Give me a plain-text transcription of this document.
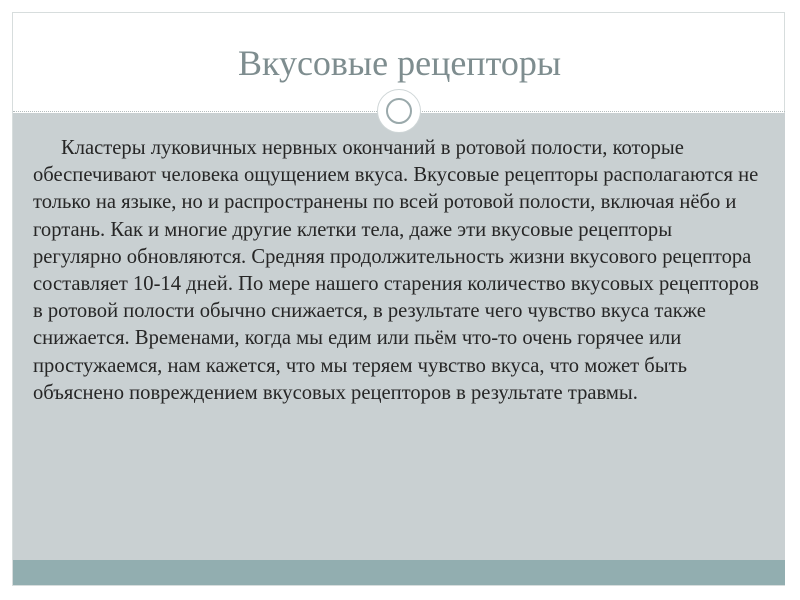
Вкусовые рецепторы

Кластеры луковичных нервных окончаний в ротовой полости, которые обеспечивают человека ощущением вкуса. Вкусовые рецепторы располагаются не только на языке, но и распространены по всей ротовой полости, включая нёбо и гортань. Как и многие другие клетки тела, даже эти вкусовые рецепторы регулярно обновляются. Средняя продолжительность жизни вкусового рецептора составляет 10-14 дней. По мере нашего старения количество вкусовых рецепторов в ротовой полости обычно снижается, в результате чего чувство вкуса также снижается. Временами, когда мы едим или пьём что-то очень горячее или простужаемся, нам кажется, что мы теряем чувство вкуса, что может быть объяснено повреждением вкусовых рецепторов в результате травмы.
